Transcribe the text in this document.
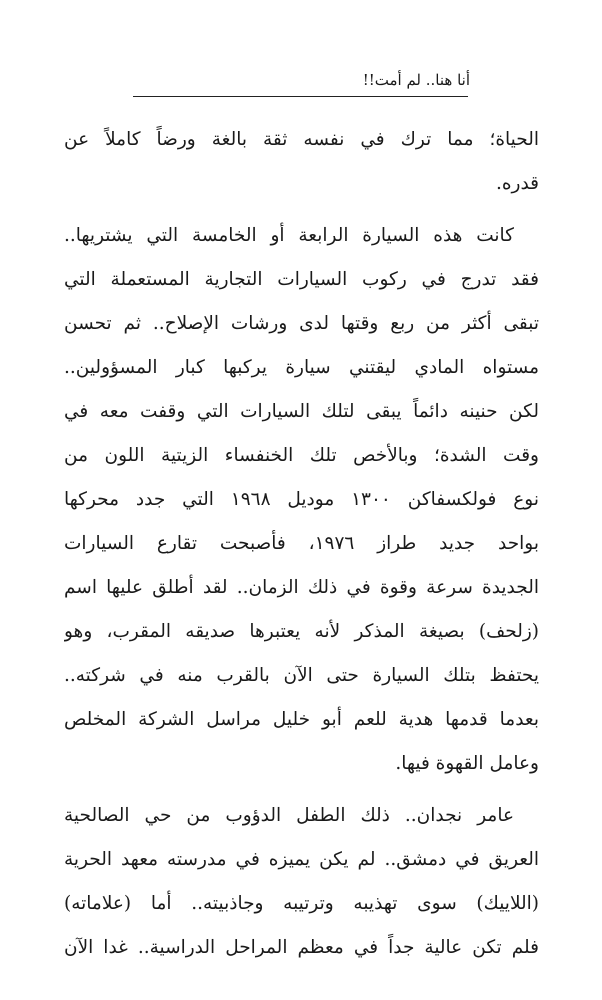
أنا هنا.. لم أمت!!
الحياة؛ مما ترك في نفسه ثقة بالغة ورضاً كاملاً عن
قدره.
كانت هذه السيارة الرابعة أو الخامسة التي يشتريها..
فقد تدرج في ركوب السيارات التجارية المستعملة التي
تبقى أكثر من ربع وقتها لدى ورشات الإصلاح.. ثم تحسن
مستواه المادي ليقتني سيارة يركبها كبار المسؤولين..
لكن حنينه دائماً يبقى لتلك السيارات التي وقفت معه في
وقت الشدة؛ وبالأخص تلك الخنفساء الزيتية اللون من
نوع فولكسفاكن ١٣٠٠ موديل ١٩٦٨ التي جدد محركها
بواحد جديد طراز ١٩٧٦، فأصبحت تقارع السيارات
الجديدة سرعة وقوة في ذلك الزمان.. لقد أطلق عليها اسم
(زلحف) بصيغة المذكر لأنه يعتبرها صديقه المقرب، وهو
يحتفظ بتلك السيارة حتى الآن بالقرب منه في شركته..
بعدما قدمها هدية للعم أبو خليل مراسل الشركة المخلص
وعامل القهوة فيها.
عامر نجدان.. ذلك الطفل الدؤوب من حي الصالحية
العريق في دمشق.. لم يكن يميزه في مدرسته معهد الحرية
(اللاييك) سوى تهذيبه وترتيبه وجاذبيته.. أما (علاماته)
فلم تكن عالية جداً في معظم المراحل الدراسية.. غدا الآن
